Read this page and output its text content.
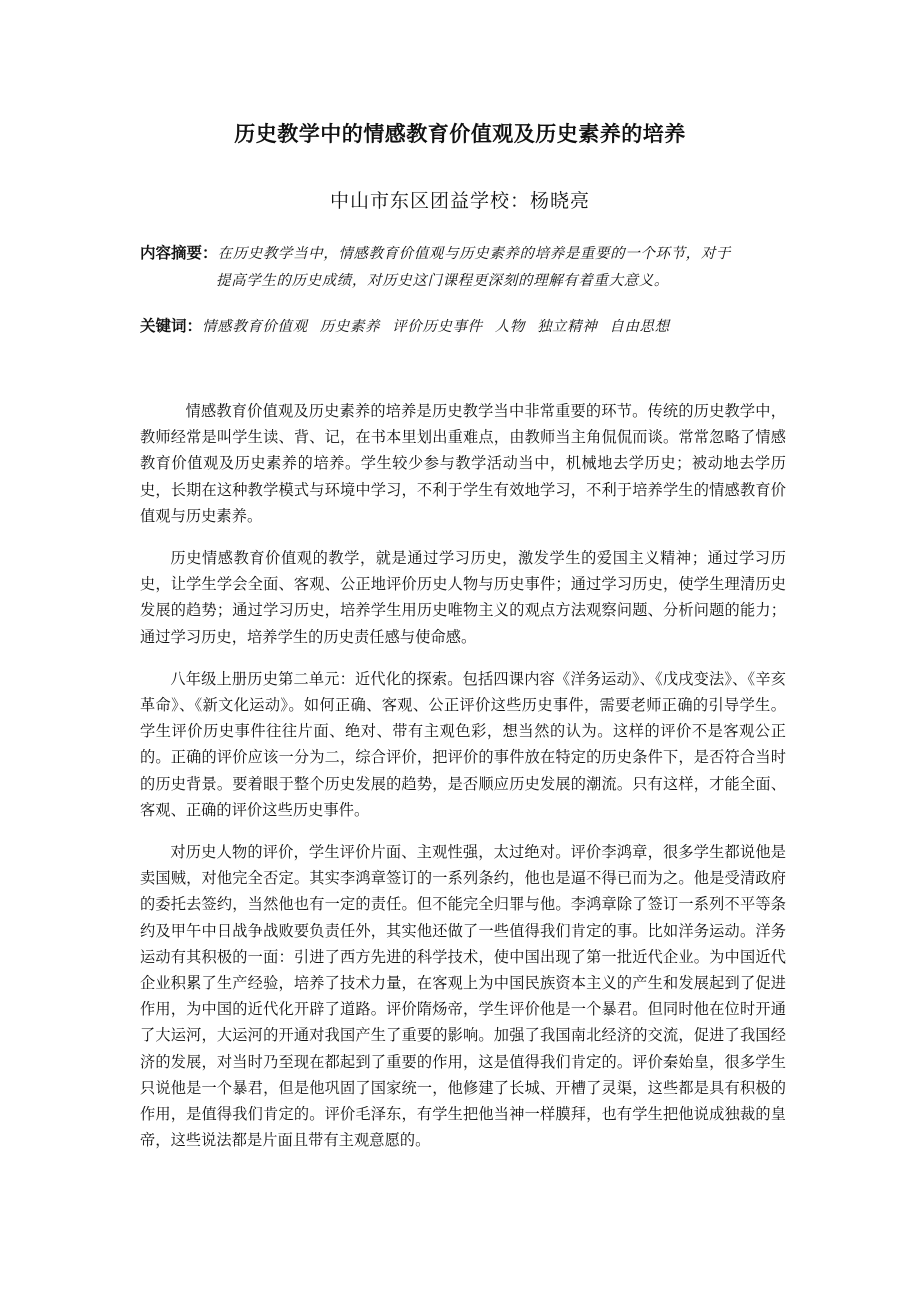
历史教学中的情感教育价值观及历史素养的培养
中山市东区团益学校：杨晓亮
内容摘要：在历史教学当中，情感教育价值观与历史素养的培养是重要的一个环节，对于
提高学生的历史成绩，对历史这门课程更深刻的理解有着重大意义。
关键词：情感教育价值观 历史素养 评价历史事件 人物 独立精神 自由思想

情感教育价值观及历史素养的培养是历史教学当中非常重要的环节。传统的历史教学中，教师经常是叫学生读、背、记，在书本里划出重难点，由教师当主角侃侃而谈。常常忽略了情感教育价值观及历史素养的培养。学生较少参与教学活动当中，机械地去学历史；被动地去学历史，长期在这种教学模式与环境中学习，不利于学生有效地学习，不利于培养学生的情感教育价值观与历史素养。

历史情感教育价值观的教学，就是通过学习历史，激发学生的爱国主义精神；通过学习历史，让学生学会全面、客观、公正地评价历史人物与历史事件；通过学习历史，使学生理清历史发展的趋势；通过学习历史，培养学生用历史唯物主义的观点方法观察问题、分析问题的能力；通过学习历史，培养学生的历史责任感与使命感。

八年级上册历史第二单元：近代化的探索。包括四课内容《洋务运动》、《戊戌变法》、《辛亥革命》、《新文化运动》。如何正确、客观、公正评价这些历史事件，需要老师正确的引导学生。学生评价历史事件往往片面、绝对、带有主观色彩，想当然的认为。这样的评价不是客观公正的。正确的评价应该一分为二，综合评价，把评价的事件放在特定的历史条件下，是否符合当时的历史背景。要着眼于整个历史发展的趋势，是否顺应历史发展的潮流。只有这样，才能全面、客观、正确的评价这些历史事件。

对历史人物的评价，学生评价片面、主观性强，太过绝对。评价李鸿章，很多学生都说他是卖国贼，对他完全否定。其实李鸿章签订的一系列条约，他也是逼不得已而为之。他是受清政府的委托去签约，当然他也有一定的责任。但不能完全归罪与他。李鸿章除了签订一系列不平等条约及甲午中日战争战败要负责任外，其实他还做了一些值得我们肯定的事。比如洋务运动。洋务运动有其积极的一面：引进了西方先进的科学技术，使中国出现了第一批近代企业。为中国近代企业积累了生产经验，培养了技术力量，在客观上为中国民族资本主义的产生和发展起到了促进作用，为中国的近代化开辟了道路。评价隋炀帝，学生评价他是一个暴君。但同时他在位时开通了大运河，大运河的开通对我国产生了重要的影响。加强了我国南北经济的交流，促进了我国经济的发展，对当时乃至现在都起到了重要的作用，这是值得我们肯定的。评价秦始皇，很多学生只说他是一个暴君，但是他巩固了国家统一，他修建了长城、开槽了灵渠，这些都是具有积极的作用，是值得我们肯定的。评价毛泽东，有学生把他当神一样膜拜，也有学生把他说成独裁的皇帝，这些说法都是片面且带有主观意愿的。
